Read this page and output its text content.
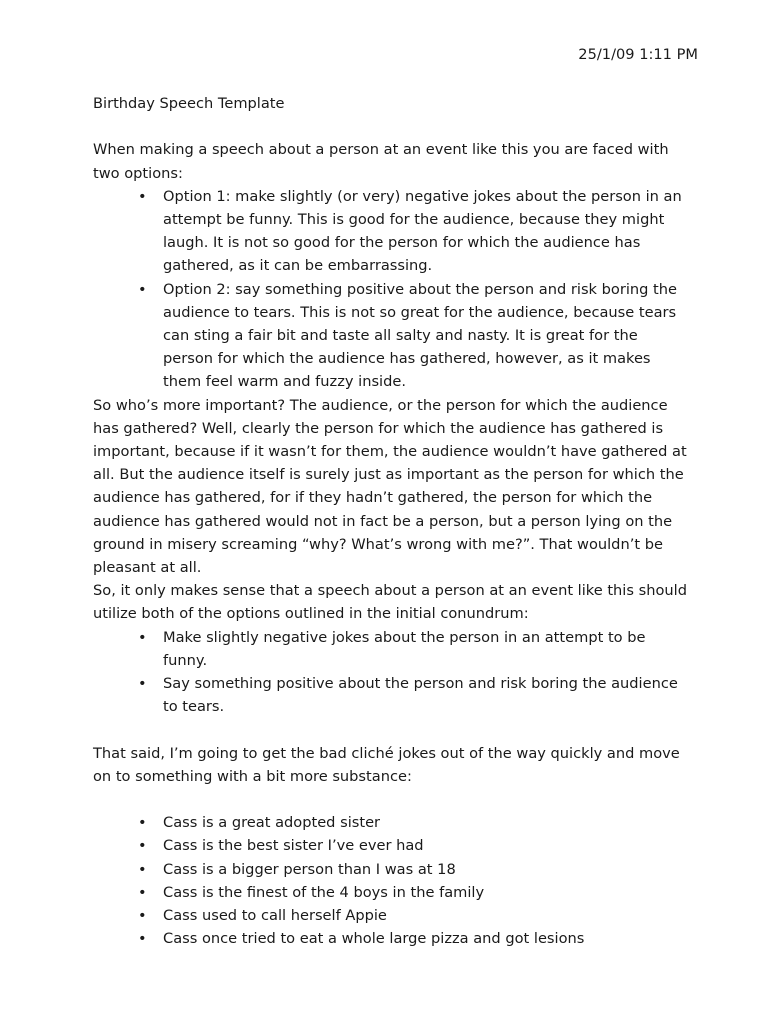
25/1/09 1:11 PM

Birthday Speech Template

When making a speech about a person at an event like this you are faced with two options:

• Option 1: make slightly (or very) negative jokes about the person in an attempt be funny. This is good for the audience, because they might laugh. It is not so good for the person for which the audience has gathered, as it can be embarrassing.
• Option 2: say something positive about the person and risk boring the audience to tears. This is not so great for the audience, because tears can sting a fair bit and taste all salty and nasty. It is great for the person for which the audience has gathered, however, as it makes them feel warm and fuzzy inside.

So who’s more important? The audience, or the person for which the audience has gathered? Well, clearly the person for which the audience has gathered is important, because if it wasn’t for them, the audience wouldn’t have gathered at all. But the audience itself is surely just as important as the person for which the audience has gathered, for if they hadn’t gathered, the person for which the audience has gathered would not in fact be a person, but a person lying on the ground in misery screaming “why? What’s wrong with me?”. That wouldn’t be pleasant at all.

So, it only makes sense that a speech about a person at an event like this should utilize both of the options outlined in the initial conundrum:

• Make slightly negative jokes about the person in an attempt to be funny.
• Say something positive about the person and risk boring the audience to tears.

That said, I’m going to get the bad cliché jokes out of the way quickly and move on to something with a bit more substance:

• Cass is a great adopted sister
• Cass is the best sister I’ve ever had
• Cass is a bigger person than I was at 18
• Cass is the finest of the 4 boys in the family
• Cass used to call herself Appie
• Cass once tried to eat a whole large pizza and got lesions
